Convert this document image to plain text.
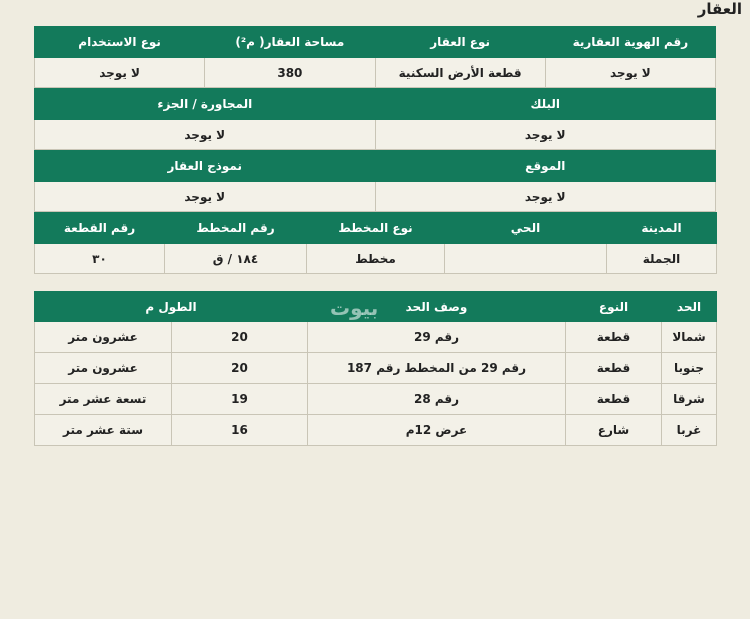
العقار
رقم الهوية العقارية	نوع العقار	مساحة العقار( م²)	نوع الاستخدام
لا يوجد	قطعة الأرض السكنية	380	لا يوجد
البلك	المجاورة / الجزء
لا يوجد	لا يوجد
الموقع	نموذج العقار
لا يوجد	لا يوجد
المدينة	الحي	نوع المخطط	رقم المخطط	رقم القطعة
الجملة		مخطط	١٨٤ / ق	٣٠
الحد	النوع	وصف الحد	الطول م	
شمالا	قطعة	رقم 29	20	عشرون متر
جنوبا	قطعة	رقم 29 من المخطط رقم 187	20	عشرون متر
شرقا	قطعة	رقم 28	19	تسعة عشر متر
غربا	شارع	عرض 12م	16	ستة عشر متر
بيوت
